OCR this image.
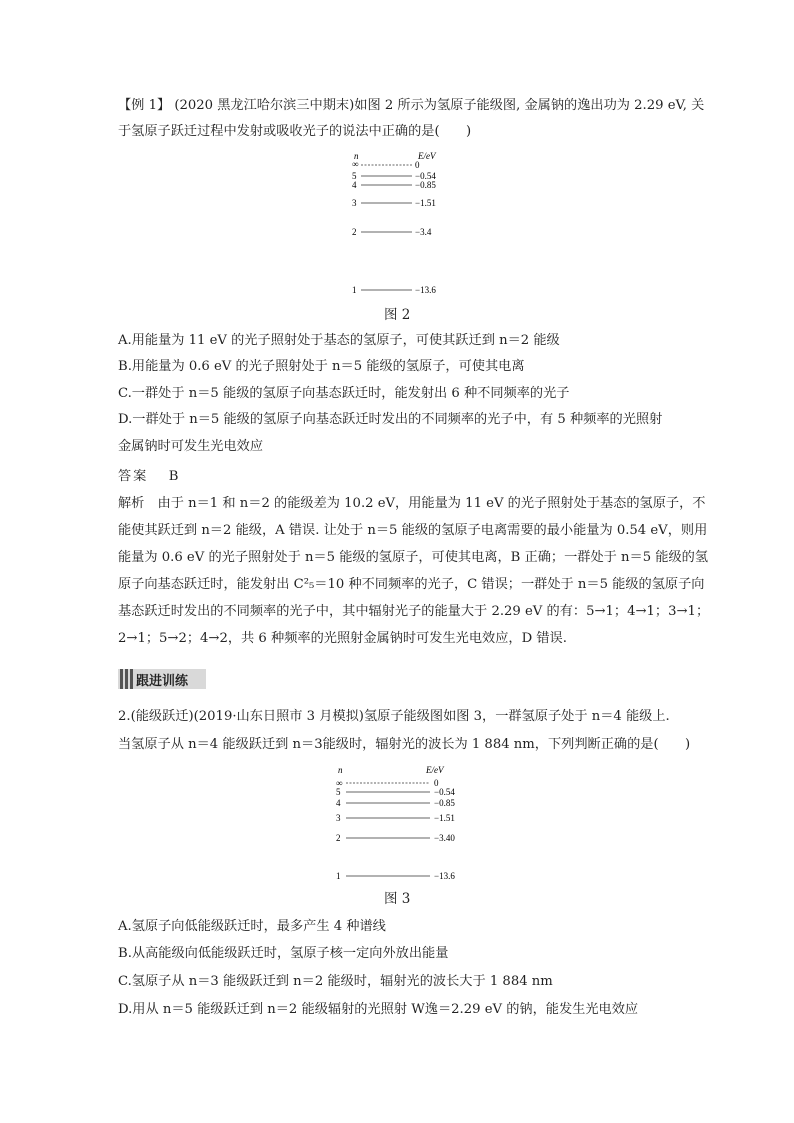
【例 1】 (2020 黑龙江哈尔滨三中期末)如图 2 所示为氢原子能级图, 金属钠的逸出功为 2.29 eV, 关
于氢原子跃迁过程中发射或吸收光子的说法中正确的是(　　)
n	E/eV
∞	0
5	−0.54
4	−0.85
3	−1.51
2	−3.4
1	−13.6
图 2
A.用能量为 11 eV 的光子照射处于基态的氢原子，可使其跃迁到 n＝2 能级
B.用能量为 0.6 eV 的光子照射处于 n＝5 能级的氢原子，可使其电离
C.一群处于 n＝5 能级的氢原子向基态跃迁时，能发射出 6 种不同频率的光子
D.一群处于 n＝5 能级的氢原子向基态跃迁时发出的不同频率的光子中，有 5 种频率的光照射
金属钠时可发生光电效应
答案 B
解析　由于 n＝1 和 n＝2 的能级差为 10.2 eV，用能量为 11 eV 的光子照射处于基态的氢原子，不
能使其跃迁到 n＝2 能级，A 错误. 让处于 n＝5 能级的氢原子电离需要的最小能量为 0.54 eV，则用
能量为 0.6 eV 的光子照射处于 n＝5 能级的氢原子，可使其电离，B 正确；一群处于 n＝5 能级的氢
原子向基态跃迁时，能发射出 C²₅＝10 种不同频率的光子，C 错误；一群处于 n＝5 能级的氢原子向
基态跃迁时发出的不同频率的光子中，其中辐射光子的能量大于 2.29 eV 的有：5→1；4→1；3→1；
2→1；5→2；4→2，共 6 种频率的光照射金属钠时可发生光电效应，D 错误.
跟进训练
2.(能级跃迁)(2019·山东日照市 3 月模拟)氢原子能级图如图 3，一群氢原子处于 n＝4 能级上.
当氢原子从 n＝4 能级跃迁到 n＝3能级时，辐射光的波长为 1 884 nm，下列判断正确的是(　　)
n	E/eV
∞	0
5	−0.54
4	−0.85
3	−1.51
2	−3.40
1	−13.6
图 3
A.氢原子向低能级跃迁时，最多产生 4 种谱线
B.从高能级向低能级跃迁时，氢原子核一定向外放出能量
C.氢原子从 n＝3 能级跃迁到 n＝2 能级时，辐射光的波长大于 1 884 nm
D.用从 n＝5 能级跃迁到 n＝2 能级辐射的光照射 W逸＝2.29 eV 的钠，能发生光电效应
